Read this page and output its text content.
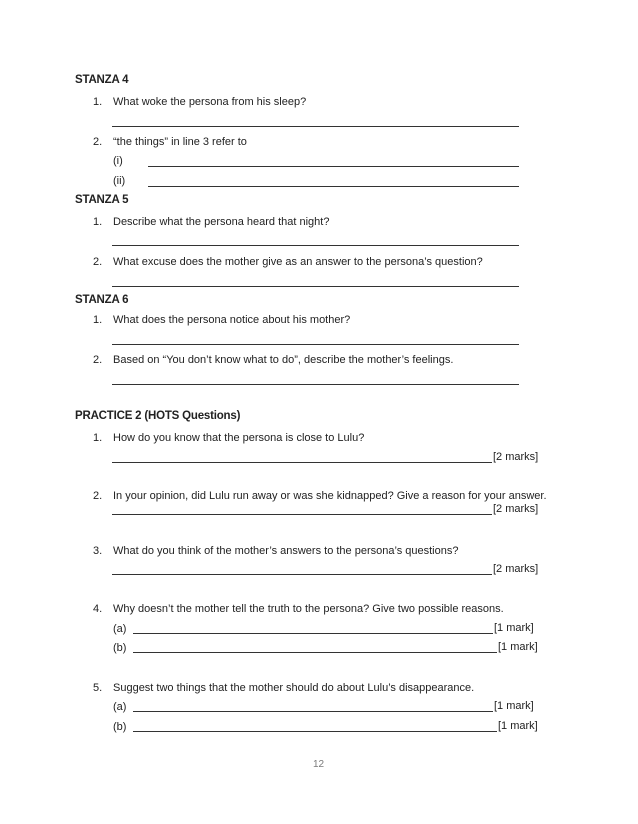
STANZA 4
1. What woke the persona from his sleep?
2. “the things” in line 3 refer to
(i)
(ii)
STANZA 5
1. Describe what the persona heard that night?
2. What excuse does the mother give as an answer to the persona’s question?
STANZA 6
1. What does the persona notice about his mother?
2. Based on “You don’t know what to do”, describe the mother’s feelings.
PRACTICE 2 (HOTS Questions)
1. How do you know that the persona is close to Lulu?
[2 marks]
2. In your opinion, did Lulu run away or was she kidnapped? Give a reason for your answer.
[2 marks]
3. What do you think of the mother’s answers to the persona’s questions?
[2 marks]
4. Why doesn’t the mother tell the truth to the persona? Give two possible reasons.
(a)	[1 mark]
(b)	[1 mark]
5. Suggest two things that the mother should do about Lulu’s disappearance.
(a)	[1 mark]
(b)	[1 mark]
12
